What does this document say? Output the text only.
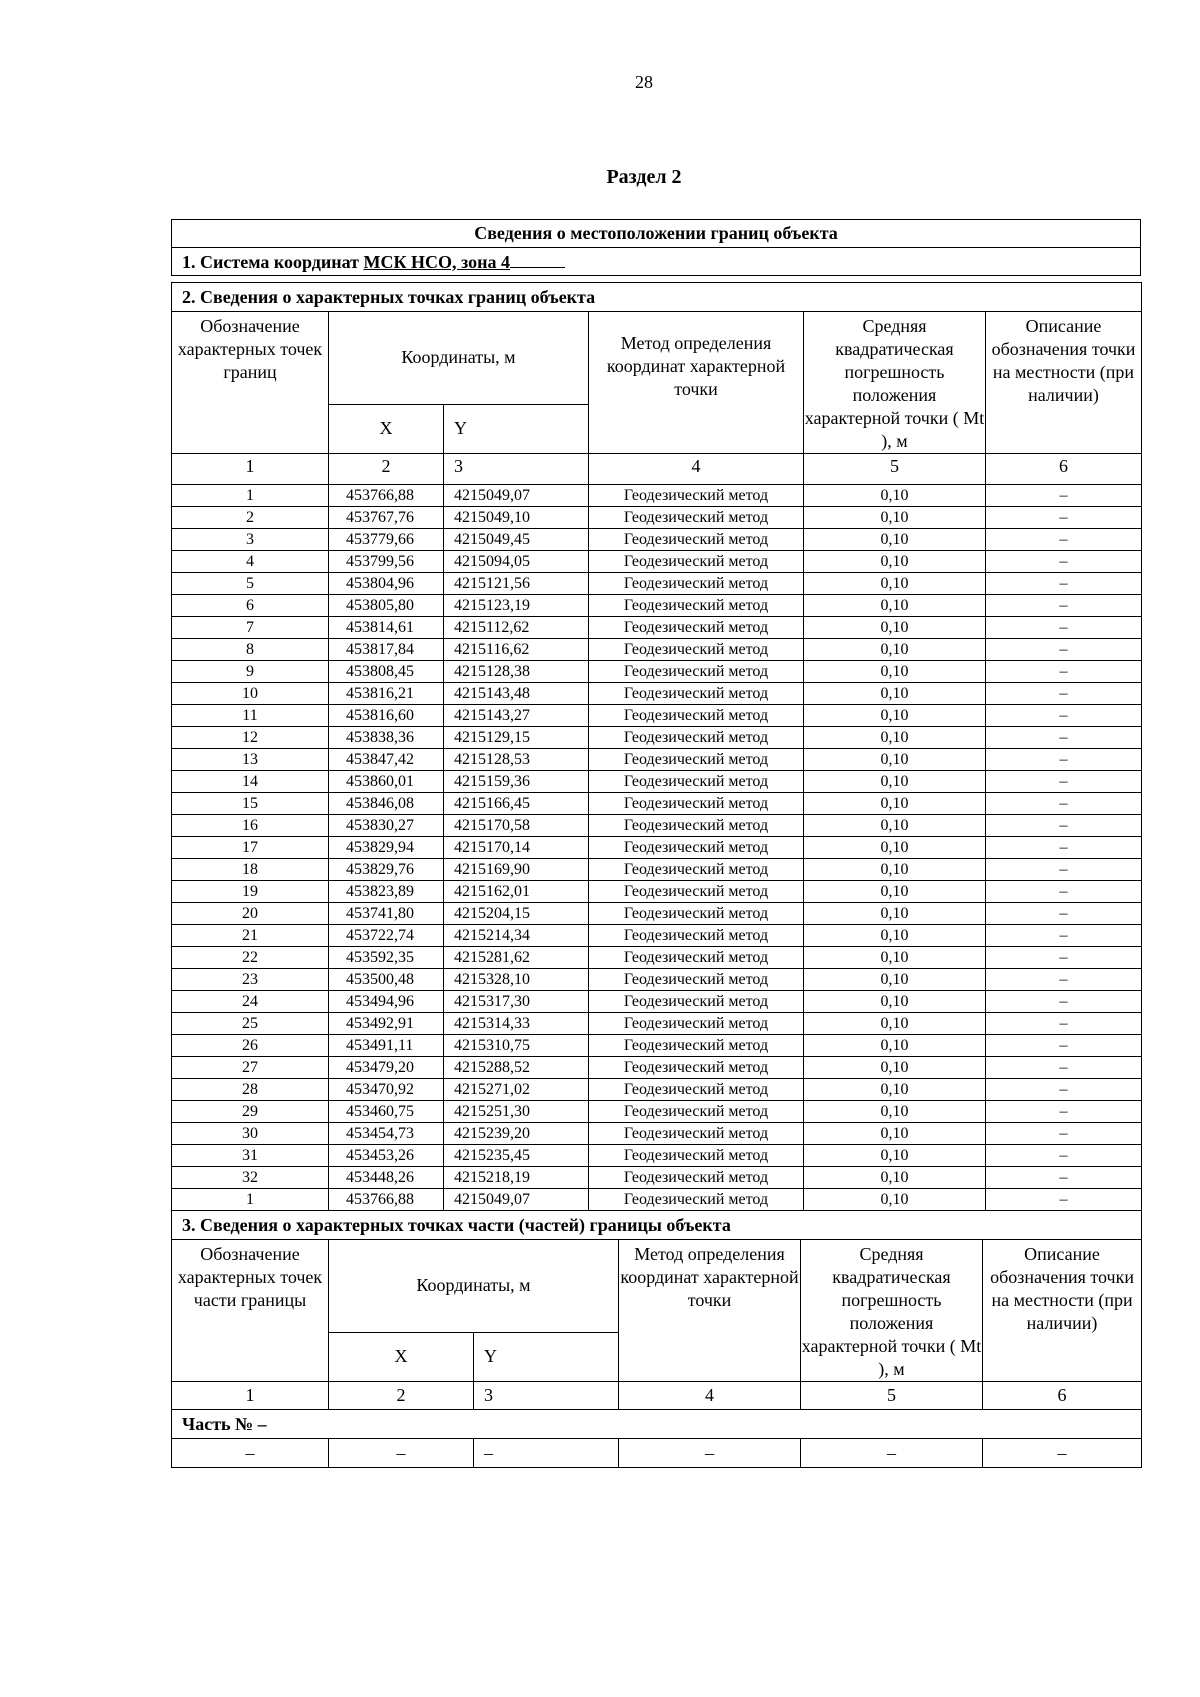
28
Раздел 2
Сведения о местоположении границ объекта
1. Система координат МСК НСО, зона 4
2. Сведения о характерных точках границ объекта					
Обозначение характерных точек границ	Координаты, м		Метод определения координат характерной точки	Средняя квадратическая погрешность положения характерной точки ( Mt ), м	Описание обозначения точки на местности (при наличии)
	X	Y			
1	2	3	4	5	6
1	453766,88	4215049,07	Геодезический метод	0,10	–
2	453767,76	4215049,10	Геодезический метод	0,10	–
3	453779,66	4215049,45	Геодезический метод	0,10	–
4	453799,56	4215094,05	Геодезический метод	0,10	–
5	453804,96	4215121,56	Геодезический метод	0,10	–
6	453805,80	4215123,19	Геодезический метод	0,10	–
7	453814,61	4215112,62	Геодезический метод	0,10	–
8	453817,84	4215116,62	Геодезический метод	0,10	–
9	453808,45	4215128,38	Геодезический метод	0,10	–
10	453816,21	4215143,48	Геодезический метод	0,10	–
11	453816,60	4215143,27	Геодезический метод	0,10	–
12	453838,36	4215129,15	Геодезический метод	0,10	–
13	453847,42	4215128,53	Геодезический метод	0,10	–
14	453860,01	4215159,36	Геодезический метод	0,10	–
15	453846,08	4215166,45	Геодезический метод	0,10	–
16	453830,27	4215170,58	Геодезический метод	0,10	–
17	453829,94	4215170,14	Геодезический метод	0,10	–
18	453829,76	4215169,90	Геодезический метод	0,10	–
19	453823,89	4215162,01	Геодезический метод	0,10	–
20	453741,80	4215204,15	Геодезический метод	0,10	–
21	453722,74	4215214,34	Геодезический метод	0,10	–
22	453592,35	4215281,62	Геодезический метод	0,10	–
23	453500,48	4215328,10	Геодезический метод	0,10	–
24	453494,96	4215317,30	Геодезический метод	0,10	–
25	453492,91	4215314,33	Геодезический метод	0,10	–
26	453491,11	4215310,75	Геодезический метод	0,10	–
27	453479,20	4215288,52	Геодезический метод	0,10	–
28	453470,92	4215271,02	Геодезический метод	0,10	–
29	453460,75	4215251,30	Геодезический метод	0,10	–
30	453454,73	4215239,20	Геодезический метод	0,10	–
31	453453,26	4215235,45	Геодезический метод	0,10	–
32	453448,26	4215218,19	Геодезический метод	0,10	–
1	453766,88	4215049,07	Геодезический метод	0,10	–
3. Сведения о характерных точках части (частей) границы объекта					
Обозначение характерных точек части границы	Координаты, м		Метод определения координат характерной точки	Средняя квадратическая погрешность положения характерной точки ( Mt ), м	Описание обозначения точки на местности (при наличии)
	X	Y			
1	2	3	4	5	6
Часть № –					
–	–	–	–	–	–
